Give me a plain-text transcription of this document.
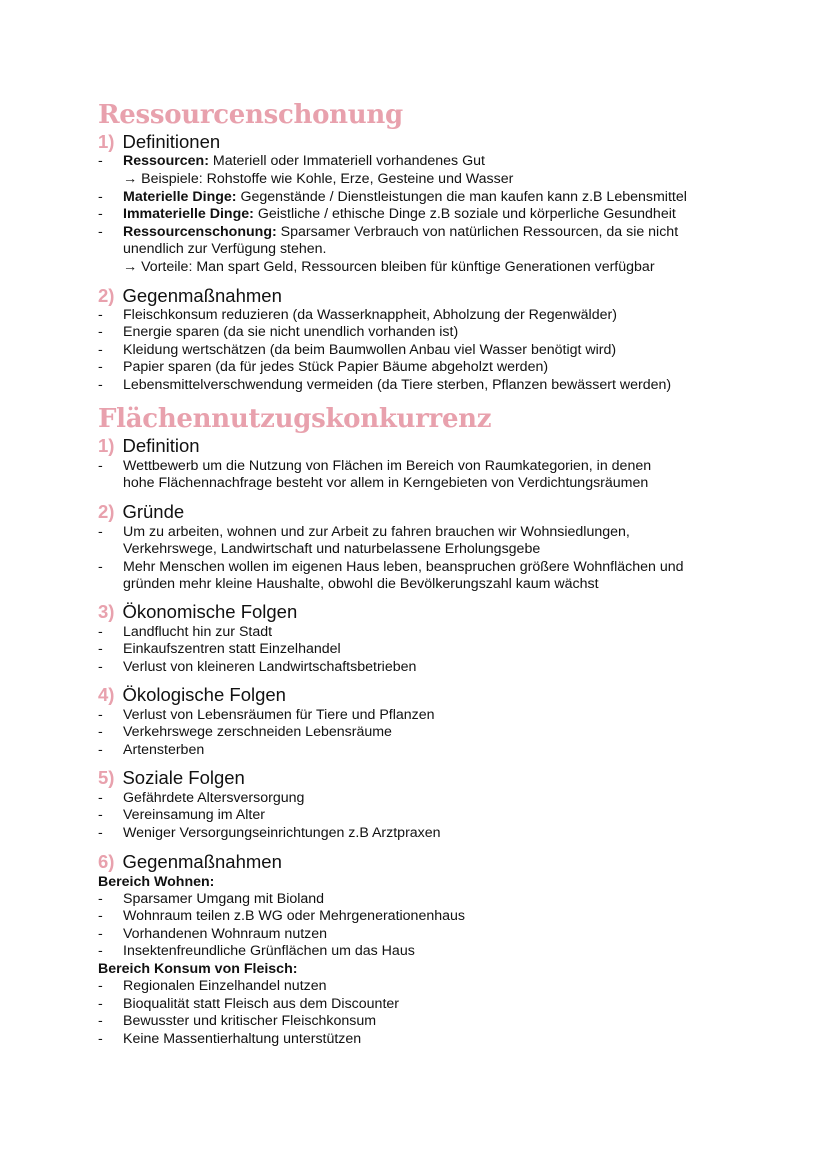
Ressourcenschonung
1) Definitionen
- Ressourcen: Materiell oder Immateriell vorhandenes Gut
→ Beispiele: Rohstoffe wie Kohle, Erze, Gesteine und Wasser
- Materielle Dinge: Gegenstände / Dienstleistungen die man kaufen kann z.B Lebensmittel
- Immaterielle Dinge: Geistliche / ethische Dinge z.B soziale und körperliche Gesundheit
- Ressourcenschonung: Sparsamer Verbrauch von natürlichen Ressourcen, da sie nicht
unendlich zur Verfügung stehen.
→ Vorteile: Man spart Geld, Ressourcen bleiben für künftige Generationen verfügbar
2) Gegenmaßnahmen
- Fleischkonsum reduzieren (da Wasserknappheit, Abholzung der Regenwälder)
- Energie sparen (da sie nicht unendlich vorhanden ist)
- Kleidung wertschätzen (da beim Baumwollen Anbau viel Wasser benötigt wird)
- Papier sparen (da für jedes Stück Papier Bäume abgeholzt werden)
- Lebensmittelverschwendung vermeiden (da Tiere sterben, Pflanzen bewässert werden)
Flächennutzugskonkurrenz
1) Definition
- Wettbewerb um die Nutzung von Flächen im Bereich von Raumkategorien, in denen
hohe Flächennachfrage besteht vor allem in Kerngebieten von Verdichtungsräumen
2) Gründe
- Um zu arbeiten, wohnen und zur Arbeit zu fahren brauchen wir Wohnsiedlungen,
Verkehrswege, Landwirtschaft und naturbelassene Erholungsgebe
- Mehr Menschen wollen im eigenen Haus leben, beanspruchen größere Wohnflächen und
gründen mehr kleine Haushalte, obwohl die Bevölkerungszahl kaum wächst
3) Ökonomische Folgen
- Landflucht hin zur Stadt
- Einkaufszentren statt Einzelhandel
- Verlust von kleineren Landwirtschaftsbetrieben
4) Ökologische Folgen
- Verlust von Lebensräumen für Tiere und Pflanzen
- Verkehrswege zerschneiden Lebensräume
- Artensterben
5) Soziale Folgen
- Gefährdete Altersversorgung
- Vereinsamung im Alter
- Weniger Versorgungseinrichtungen z.B Arztpraxen
6) Gegenmaßnahmen
Bereich Wohnen:
- Sparsamer Umgang mit Bioland
- Wohnraum teilen z.B WG oder Mehrgenerationenhaus
- Vorhandenen Wohnraum nutzen
- Insektenfreundliche Grünflächen um das Haus
Bereich Konsum von Fleisch:
- Regionalen Einzelhandel nutzen
- Bioqualität statt Fleisch aus dem Discounter
- Bewusster und kritischer Fleischkonsum
- Keine Massentierhaltung unterstützen
